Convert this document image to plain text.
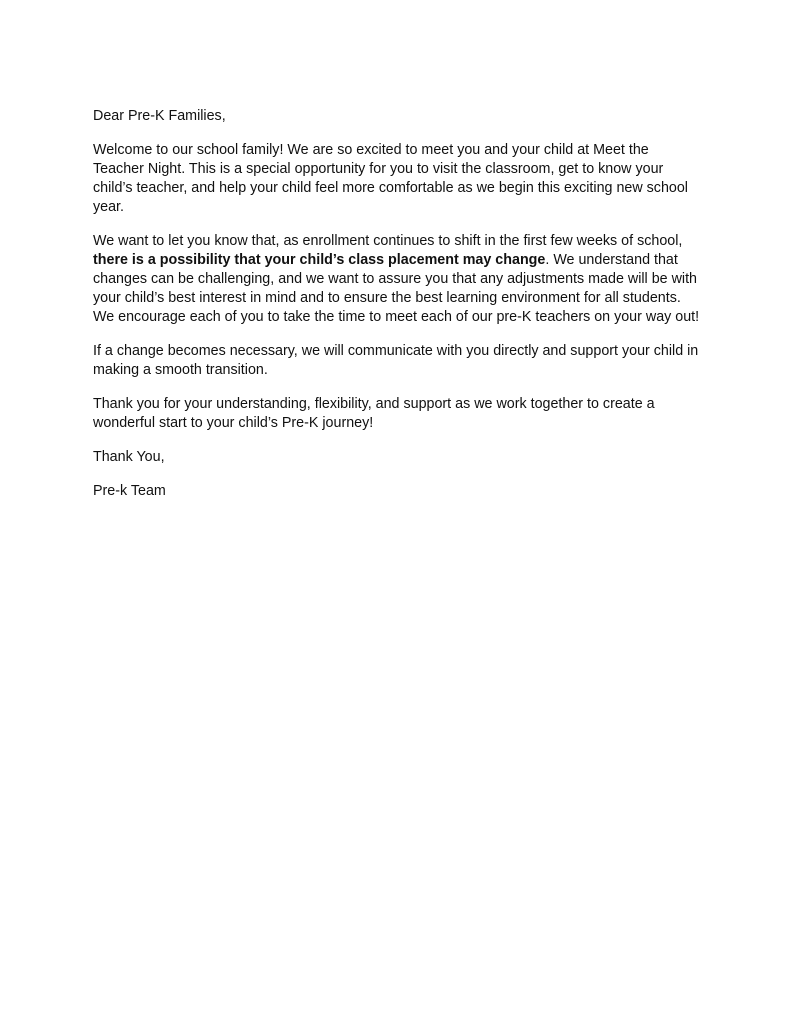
Dear Pre-K Families,

Welcome to our school family! We are so excited to meet you and your child at Meet the Teacher Night. This is a special opportunity for you to visit the classroom, get to know your child’s teacher, and help your child feel more comfortable as we begin this exciting new school year.

We want to let you know that, as enrollment continues to shift in the first few weeks of school, there is a possibility that your child’s class placement may change. We understand that changes can be challenging, and we want to assure you that any adjustments made will be with your child’s best interest in mind and to ensure the best learning environment for all students. We encourage each of you to take the time to meet each of our pre-K teachers on your way out!

If a change becomes necessary, we will communicate with you directly and support your child in making a smooth transition.

Thank you for your understanding, flexibility, and support as we work together to create a wonderful start to your child’s Pre-K journey!

Thank You,

Pre-k Team
